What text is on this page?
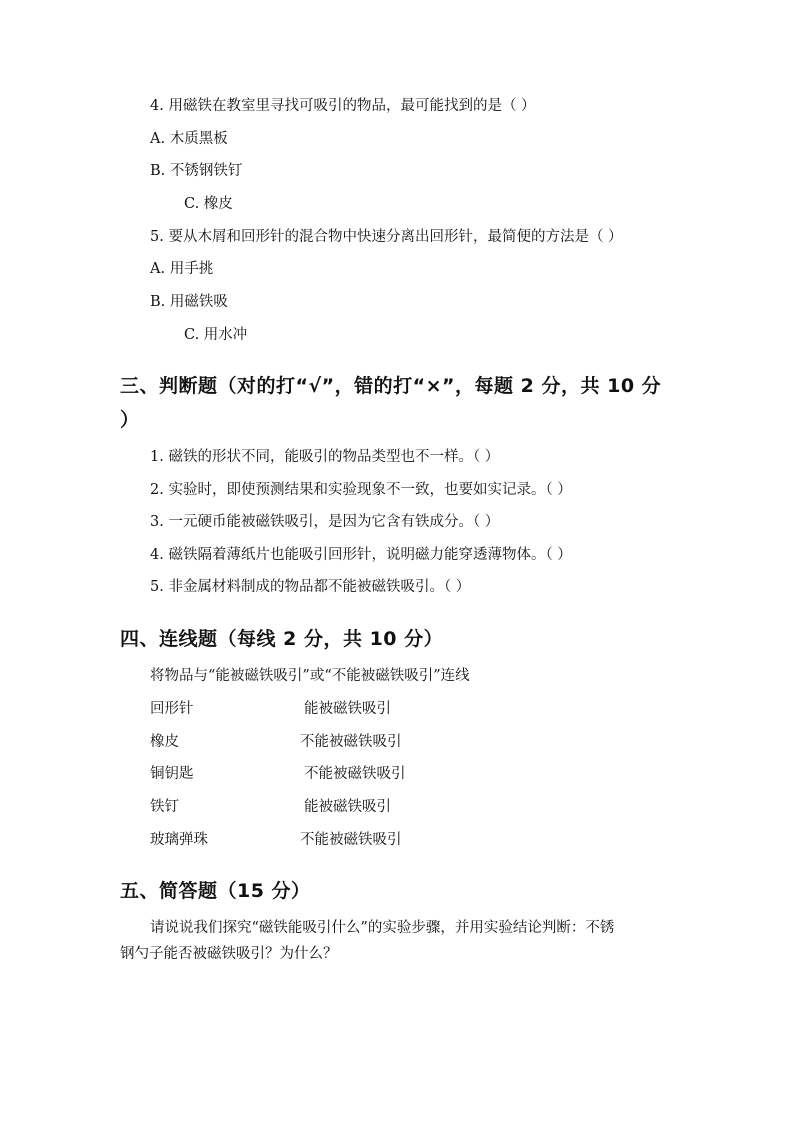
4. 用磁铁在教室里寻找可吸引的物品，最可能找到的是（ ）
A. 木质黑板
B. 不锈钢铁钉
C. 橡皮
5. 要从木屑和回形针的混合物中快速分离出回形针，最简便的方法是（ ）
A. 用手挑
B. 用磁铁吸
C. 用水冲
三、判断题（对的打“√”，错的打“×”，每题 2 分，共 10 分
）
1. 磁铁的形状不同，能吸引的物品类型也不一样。（ ）
2. 实验时，即使预测结果和实验现象不一致，也要如实记录。（ ）
3. 一元硬币能被磁铁吸引，是因为它含有铁成分。（ ）
4. 磁铁隔着薄纸片也能吸引回形针，说明磁力能穿透薄物体。（ ）
5. 非金属材料制成的物品都不能被磁铁吸引。（ ）
四、连线题（每线 2 分，共 10 分）
将物品与“能被磁铁吸引”或“不能被磁铁吸引”连线
回形针	能被磁铁吸引
橡皮	不能被磁铁吸引
铜钥匙	不能被磁铁吸引
铁钉	能被磁铁吸引
玻璃弹珠	不能被磁铁吸引
五、简答题（15 分）
请说说我们探究“磁铁能吸引什么”的实验步骤，并用实验结论判断：不锈
钢勺子能否被磁铁吸引？为什么？
